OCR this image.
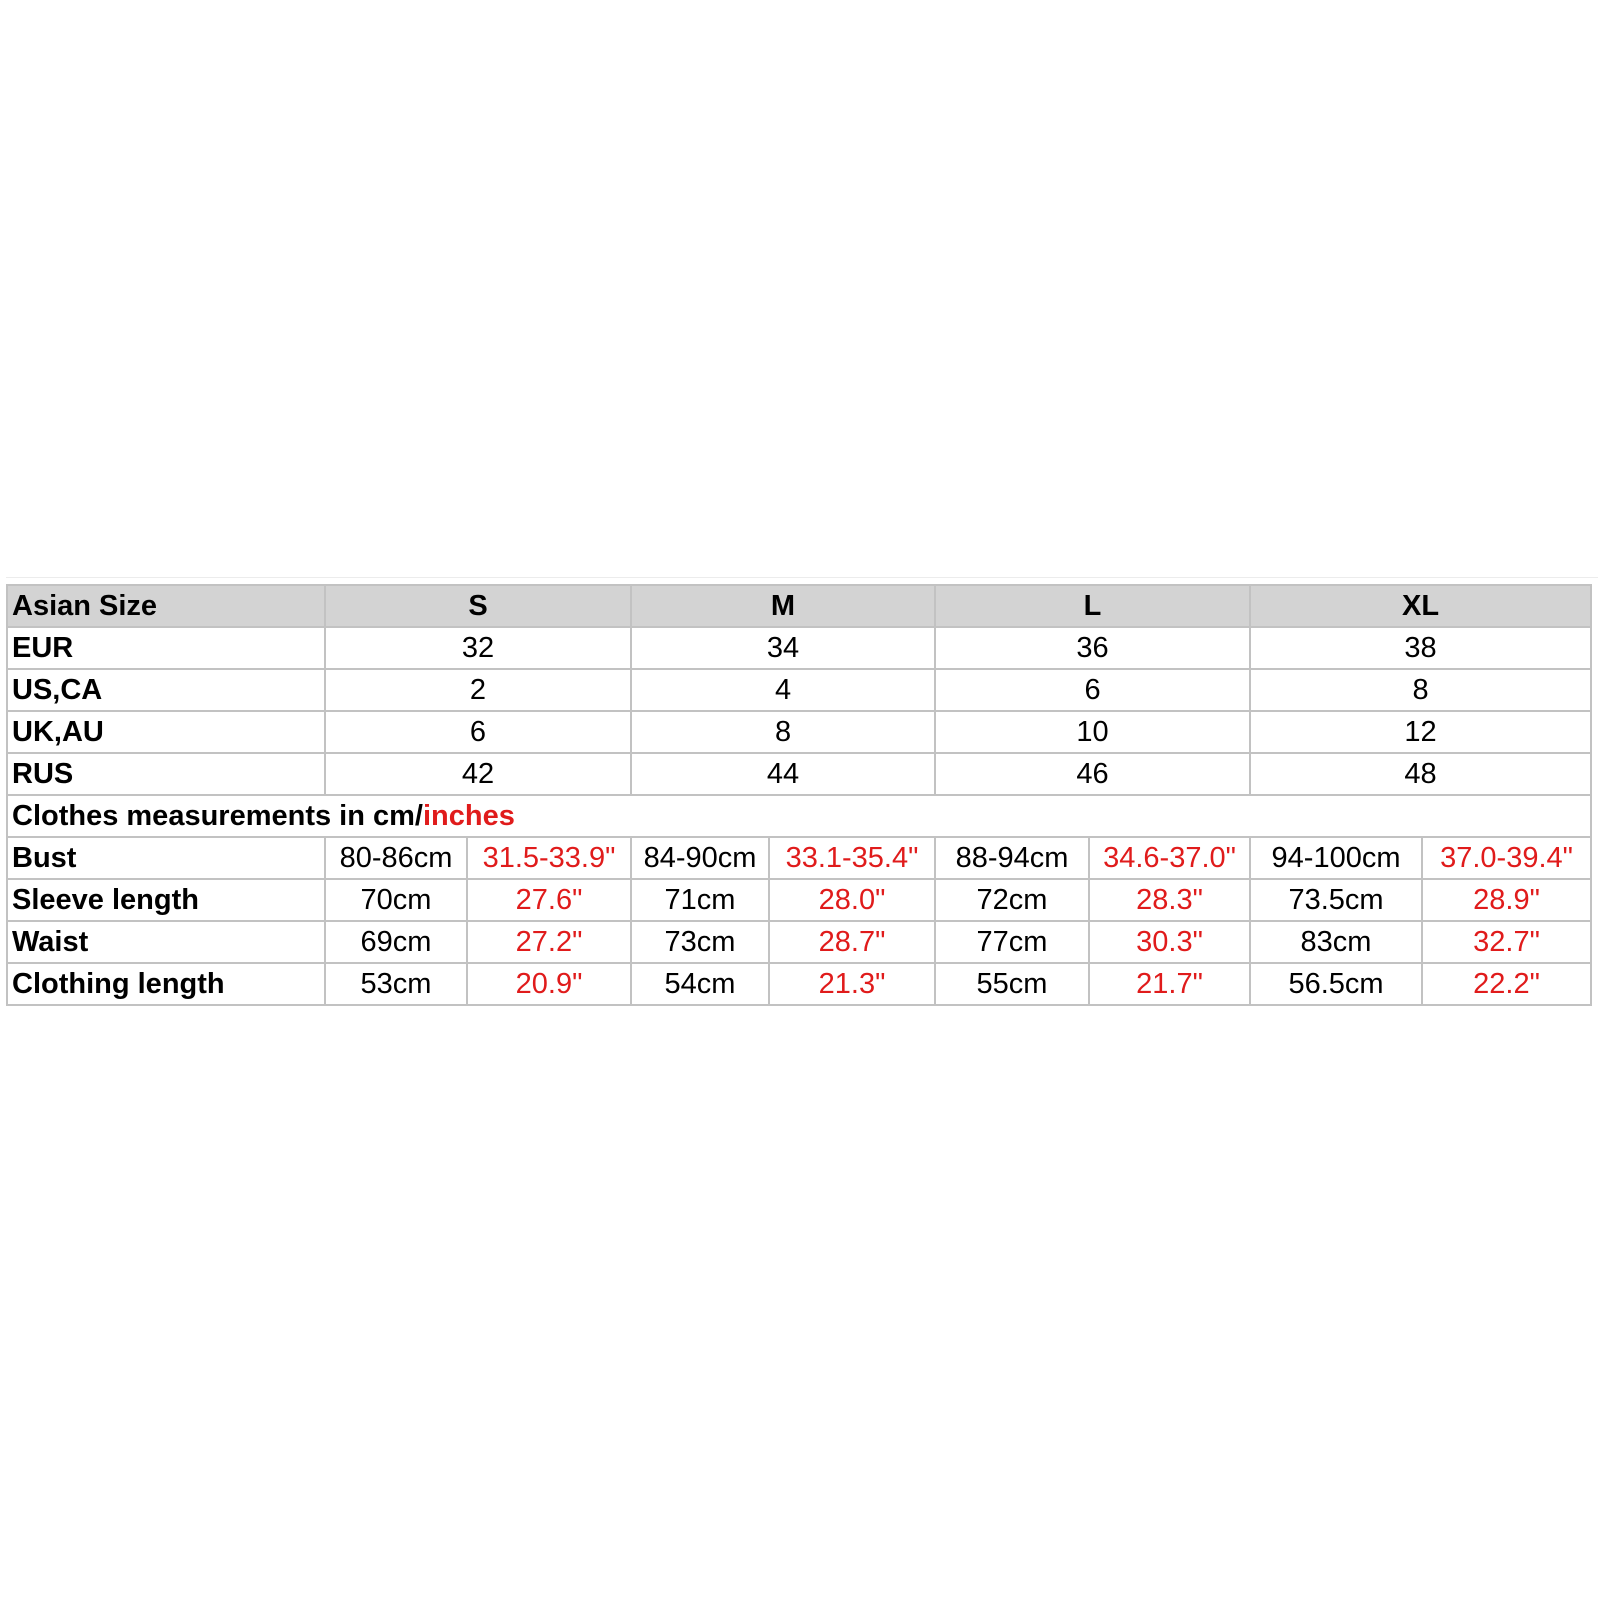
Asian Size	S		M		L		XL	
EUR	32		34		36		38	
US,CA	2		4		6		8	
UK,AU	6		8		10		12	
RUS	42		44		46		48	
Clothes measurements in cm/inches								
Bust	80-86cm	31.5-33.9"	84-90cm	33.1-35.4"	88-94cm	34.6-37.0"	94-100cm	37.0-39.4"
Sleeve length	70cm	27.6"	71cm	28.0"	72cm	28.3"	73.5cm	28.9"
Waist	69cm	27.2"	73cm	28.7"	77cm	30.3"	83cm	32.7"
Clothing length	53cm	20.9"	54cm	21.3"	55cm	21.7"	56.5cm	22.2"
